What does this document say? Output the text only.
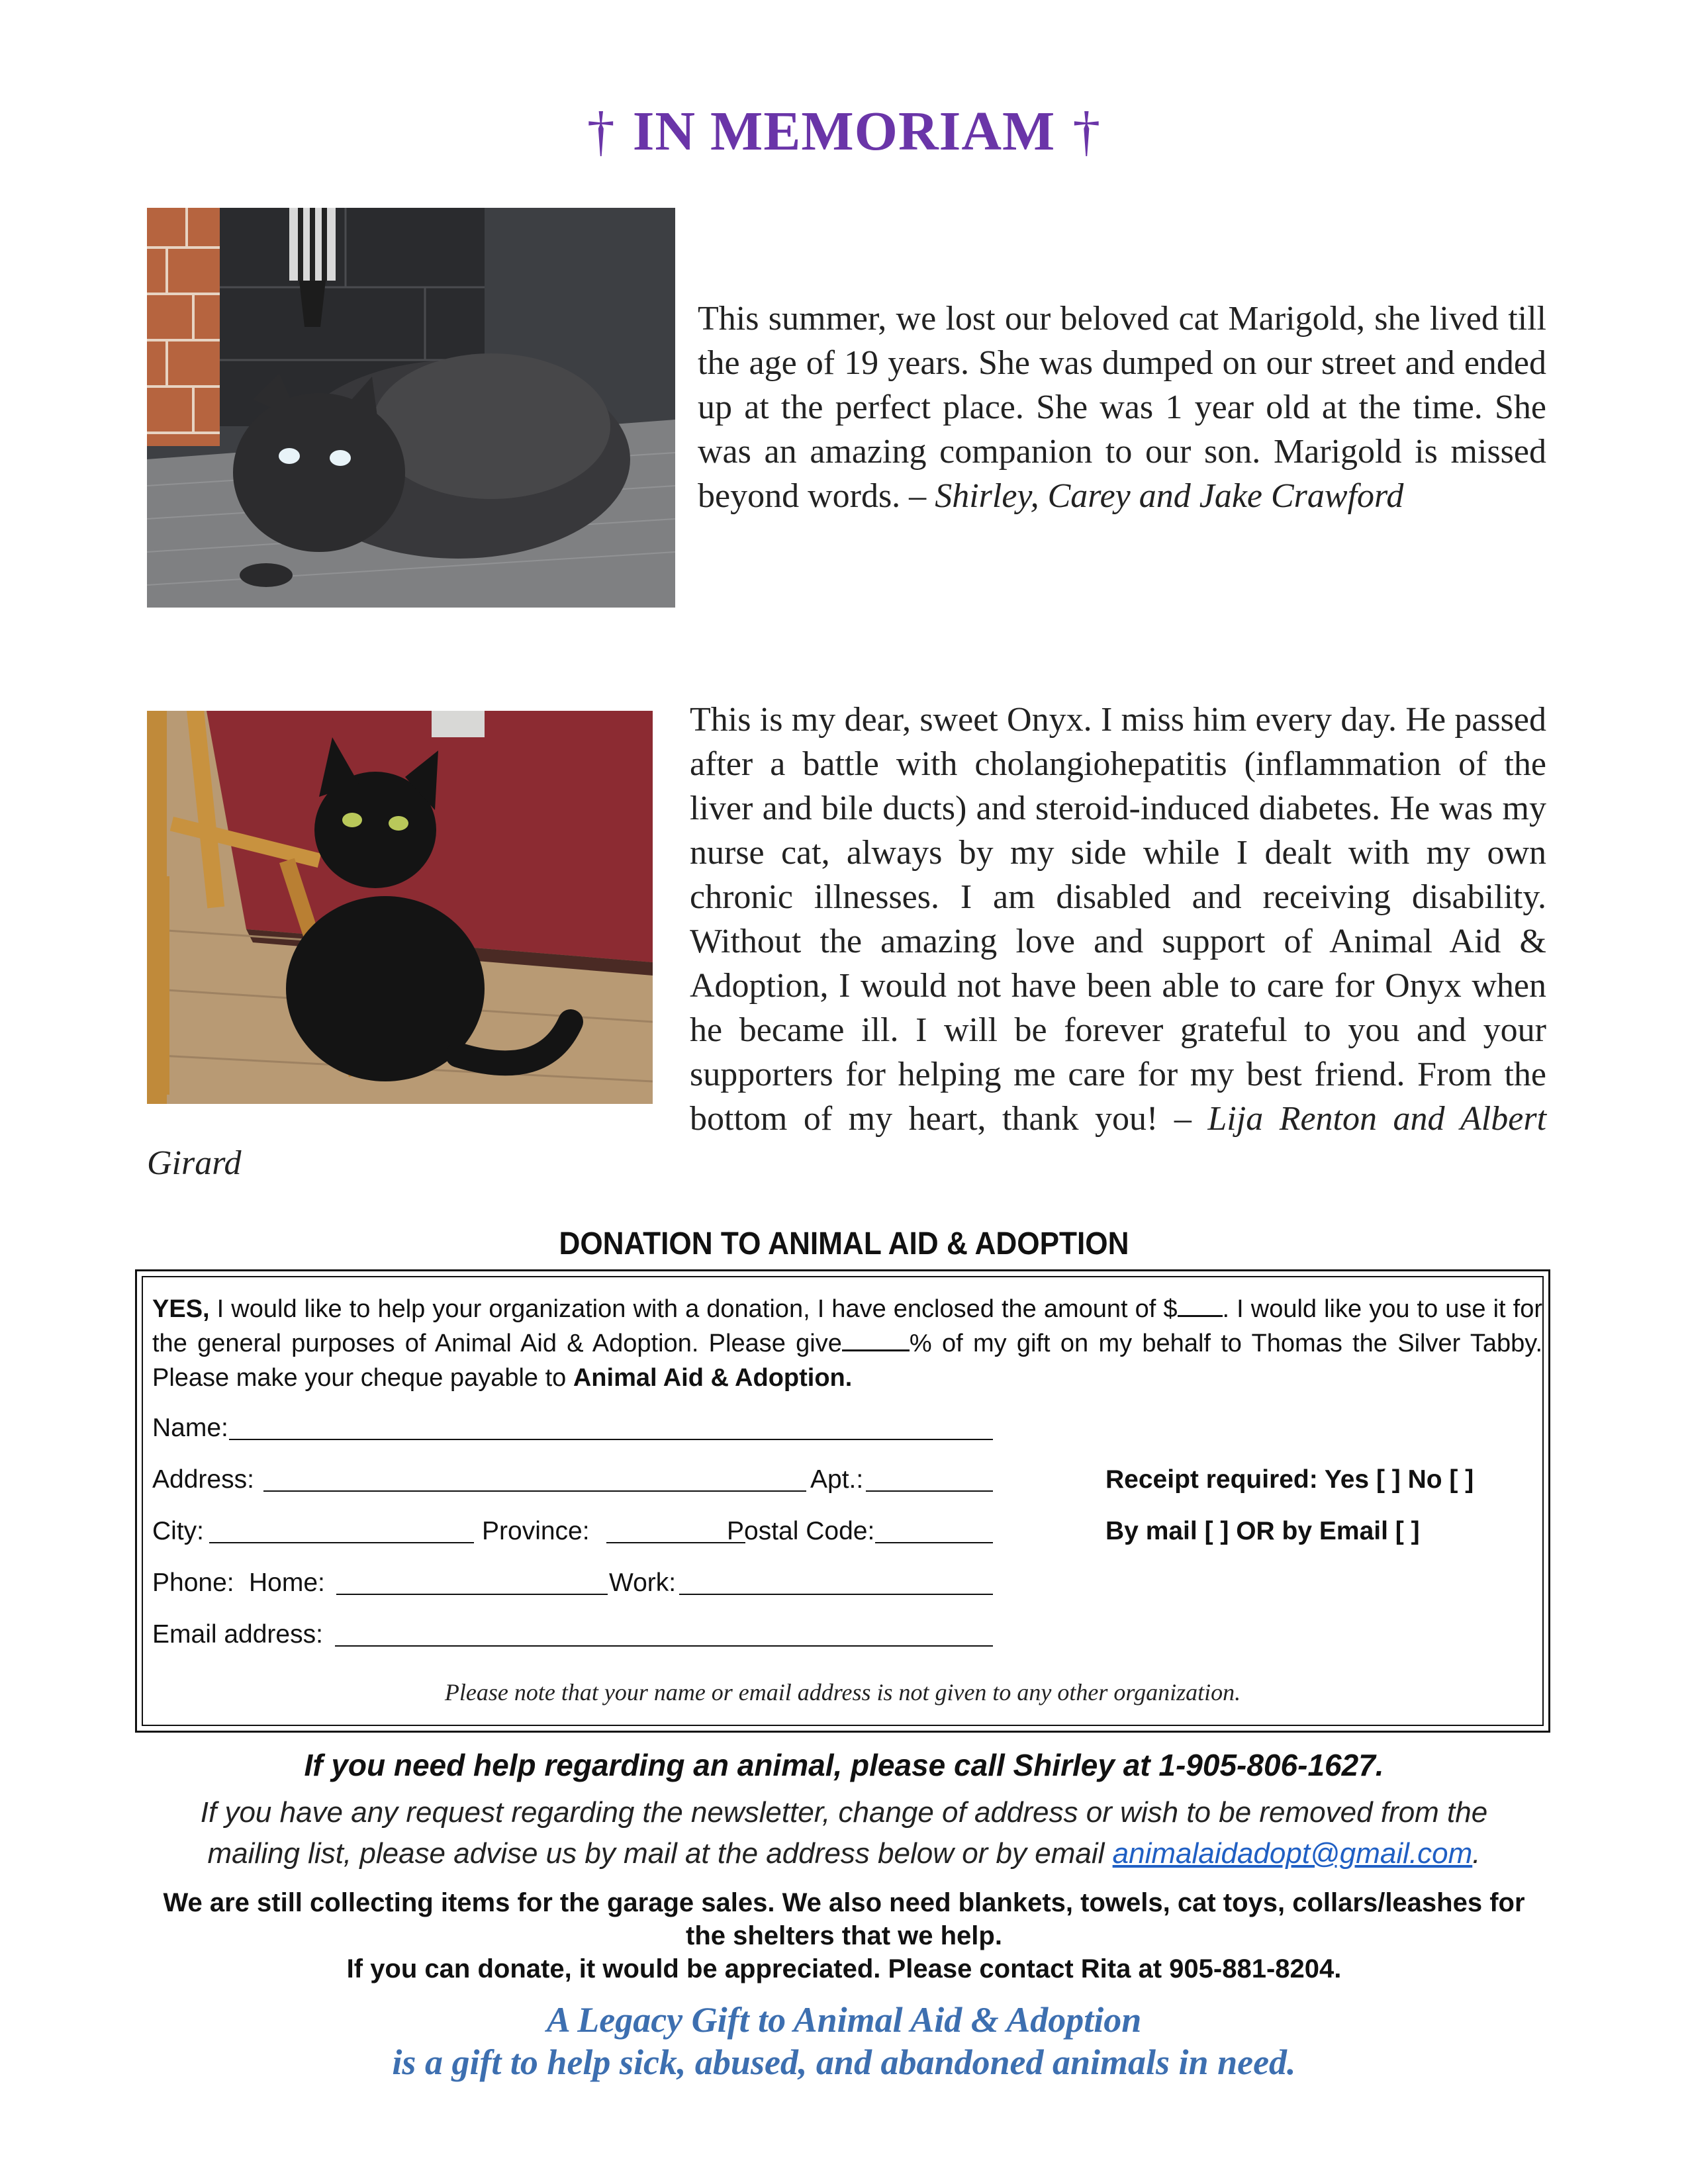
† IN MEMORIAM †
This summer, we lost our beloved cat Marigold, she lived till the age of 19 years. She was dumped on our street and ended up at the perfect place. She was 1 year old at the time. She was an amazing companion to our son. Marigold is missed beyond words. – Shirley, Carey and Jake Crawford
This is my dear, sweet Onyx. I miss him every day. He passed after a battle with cholangiohepatitis (inflammation of the liver and bile ducts) and steroid-induced diabetes. He was my nurse cat, always by my side while I dealt with my own chronic illnesses. I am disabled and receiving disability. Without the amazing love and support of Animal Aid & Adoption, I would not have been able to care for Onyx when he became ill. I will be forever grateful to you and your supporters for helping me care for my best friend. From the bottom of my heart, thank you! – Lija Renton and Albert Girard
DONATION TO ANIMAL AID & ADOPTION
YES, I would like to help your organization with a donation, I have enclosed the amount of $ . I would like you to use it for the general purposes of Animal Aid & Adoption. Please give	% of my gift on my behalf to Thomas the Silver Tabby. Please make your cheque payable to Animal Aid & Adoption.
Name:
Address:	Apt.:	Receipt required: Yes [ ] No [ ]
City:	Province:	Postal Code:	By mail [ ] OR by Email [ ]
Phone: Home:	Work:
Email address:
Please note that your name or email address is not given to any other organization.
If you need help regarding an animal, please call Shirley at 1-905-806-1627.
If you have any request regarding the newsletter, change of address or wish to be removed from the mailing list, please advise us by mail at the address below or by email animalaidadopt@gmail.com.
We are still collecting items for the garage sales. We also need blankets, towels, cat toys, collars/leashes for the shelters that we help.
If you can donate, it would be appreciated. Please contact Rita at 905-881-8204.
A Legacy Gift to Animal Aid & Adoption
is a gift to help sick, abused, and abandoned animals in need.
